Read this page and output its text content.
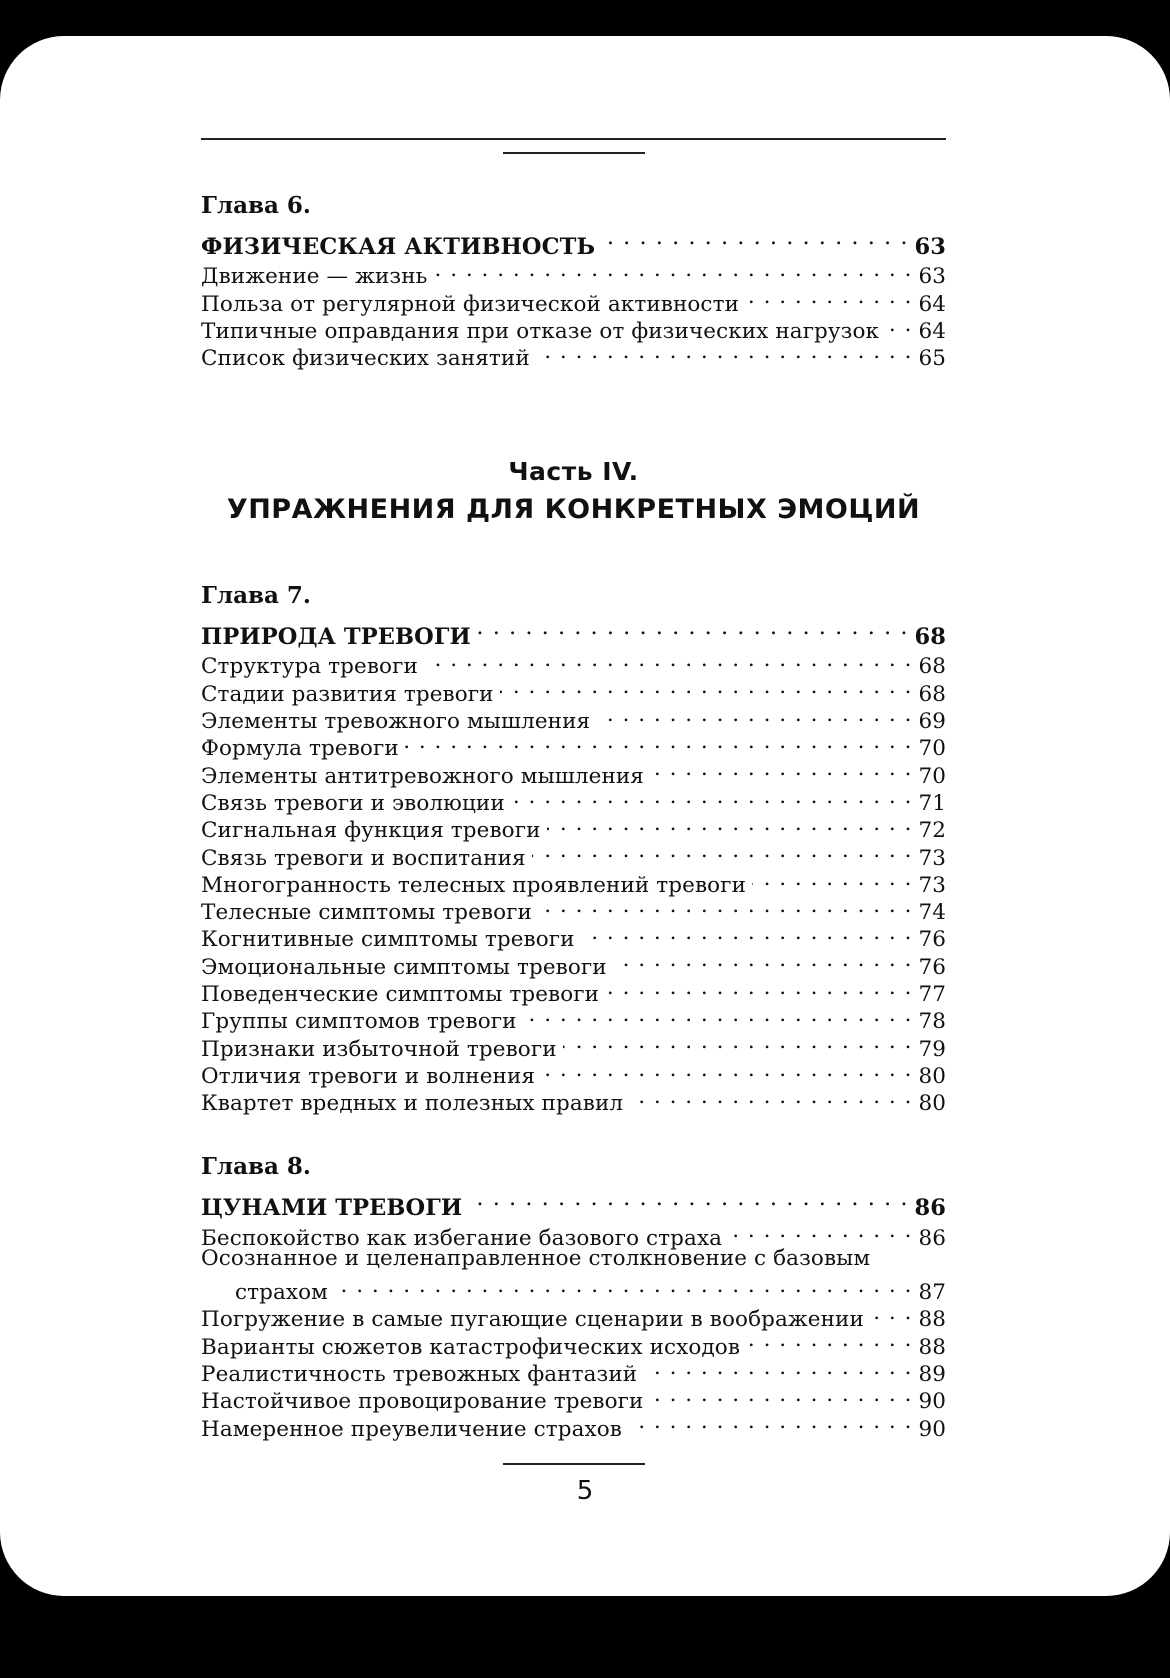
Глава 6.
ФИЗИЧЕСКАЯ АКТИВНОСТЬ . . .	63
Движение — жизнь . . .	63
Польза от регулярной физической активности . . .	64
Типичные оправдания при отказе от физических нагрузок . . . 64
Список физических занятий . . .	65
Часть IV.
УПРАЖНЕНИЯ ДЛЯ КОНКРЕТНЫХ ЭМОЦИЙ
Глава 7.
ПРИРОДА ТРЕВОГИ . . .	68
Структура тревоги . . .	68
Стадии развития тревоги . . .	68
Элементы тревожного мышления . . .	69
Формула тревоги . . .	70
Элементы антитревожного мышления . . .	70
Связь тревоги и эволюции . . .	71
Сигнальная функция тревоги . . .	72
Связь тревоги и воспитания . . .	73
Многогранность телесных проявлений тревоги . . .	73
Телесные симптомы тревоги . . .	74
Когнитивные симптомы тревоги . . .	76
Эмоциональные симптомы тревоги . . .	76
Поведенческие симптомы тревоги . . .	77
Группы симптомов тревоги . . .	78
Признаки избыточной тревоги . . .	79
Отличия тревоги и волнения . . .	80
Квартет вредных и полезных правил . . .	80
Глава 8.
ЦУНАМИ ТРЕВОГИ . . .	86
Беспокойство как избегание базового страха . . .	86
Осознанное и целенаправленное столкновение с базовым
страхом . . .	87
Погружение в самые пугающие сценарии в воображении . . .	88
Варианты сюжетов катастрофических исходов . . .	88
Реалистичность тревожных фантазий . . .	89
Настойчивое провоцирование тревоги . . .	90
Намеренное преувеличение страхов . . .	90
5
